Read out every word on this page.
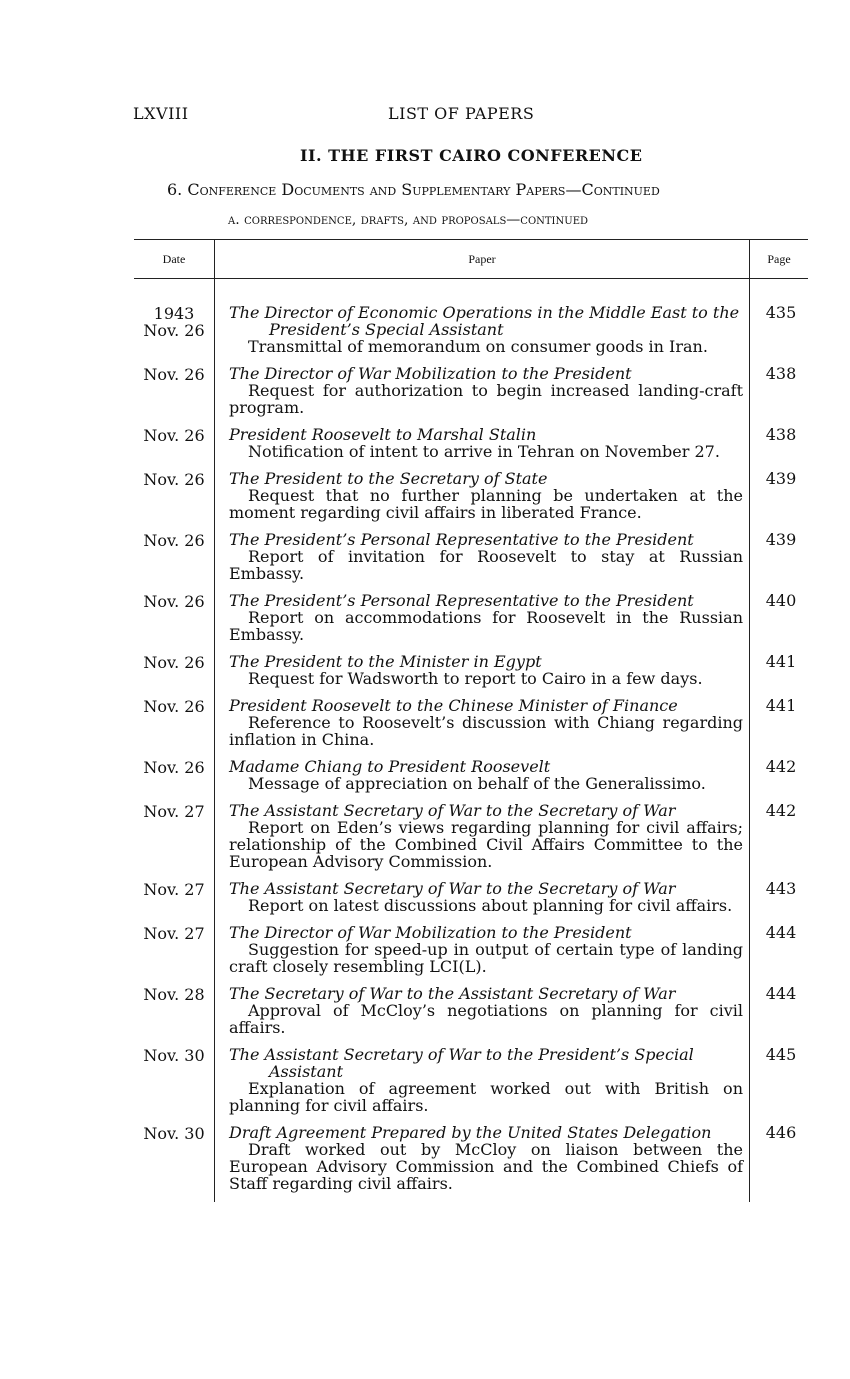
LXVIII	LIST OF PAPERS
II. THE FIRST CAIRO CONFERENCE
6. Conference Documents and Supplementary Papers—Continued
a. correspondence, drafts, and proposals—continued
Date	Paper	Page

1943
Nov. 26	The Director of Economic Operations in the Middle East to the
President’s Special Assistant
Transmittal of memorandum on consumer goods in Iran.	435
Nov. 26	The Director of War Mobilization to the President
Request for authorization to begin increased landing-craft program.	438
Nov. 26	President Roosevelt to Marshal Stalin
Notification of intent to arrive in Tehran on November 27.	438
Nov. 26	The President to the Secretary of State
Request that no further planning be undertaken at the moment regarding civil affairs in liberated France.	439
Nov. 26	The President’s Personal Representative to the President
Report of invitation for Roosevelt to stay at Russian Embassy.	439
Nov. 26	The President’s Personal Representative to the President
Report on accommodations for Roosevelt in the Russian Embassy.	440
Nov. 26	The President to the Minister in Egypt
Request for Wadsworth to report to Cairo in a few days.	441
Nov. 26	President Roosevelt to the Chinese Minister of Finance
Reference to Roosevelt’s discussion with Chiang regarding inflation in China.	441
Nov. 26	Madame Chiang to President Roosevelt
Message of appreciation on behalf of the Generalissimo.	442
Nov. 27	The Assistant Secretary of War to the Secretary of War
Report on Eden’s views regarding planning for civil affairs; relationship of the Combined Civil Affairs Committee to the European Advisory Commission.	442
Nov. 27	The Assistant Secretary of War to the Secretary of War
Report on latest discussions about planning for civil affairs.	443
Nov. 27	The Director of War Mobilization to the President
Suggestion for speed-up in output of certain type of landing craft closely resembling LCI(L).	444
Nov. 28	The Secretary of War to the Assistant Secretary of War
Approval of McCloy’s negotiations on planning for civil affairs.	444
Nov. 30	The Assistant Secretary of War to the President’s Special
Assistant
Explanation of agreement worked out with British on planning for civil affairs.	445
Nov. 30	Draft Agreement Prepared by the United States Delegation
Draft worked out by McCloy on liaison between the European Advisory Commission and the Combined Chiefs of Staff regarding civil affairs.	446
